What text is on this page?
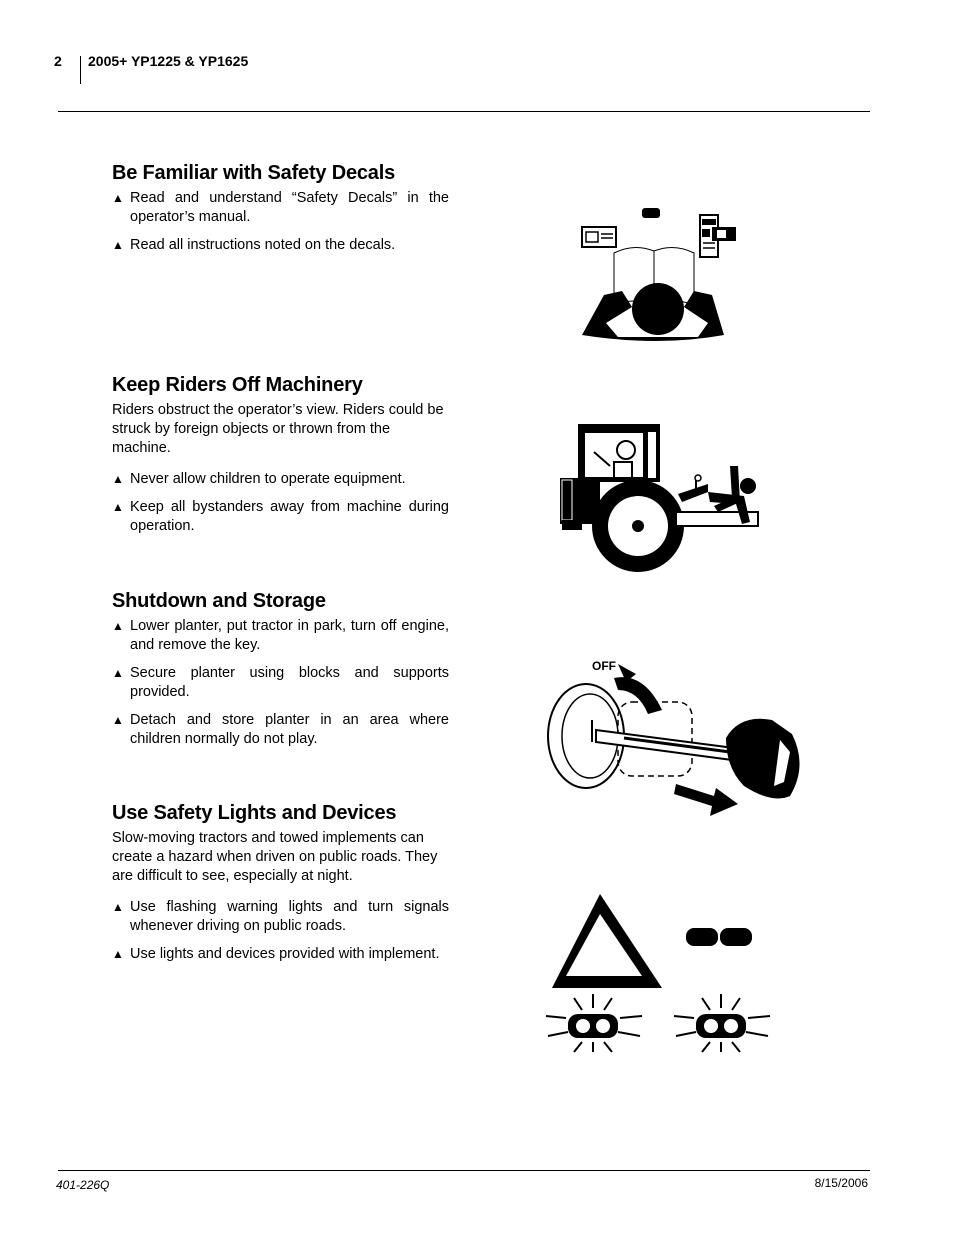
2 2005+ YP1225 & YP1625
Be Familiar with Safety Decals
▲ Read and understand “Safety Decals” in the operator’s manual.
▲ Read all instructions noted on the decals.
Keep Riders Off Machinery

Riders obstruct the operator’s view. Riders could be struck by foreign objects or thrown from the machine.

▲ Never allow children to operate equipment.
▲ Keep all bystanders away from machine during operation.
Shutdown and Storage
▲ Lower planter, put tractor in park, turn off engine, and remove the key.
▲ Secure planter using blocks and supports provided.
▲ Detach and store planter in an area where children normally do not play.
Use Safety Lights and Devices

Slow-moving tractors and towed implements can create a hazard when driven on public roads. They are difficult to see, especially at night.

▲ Use flashing warning lights and turn signals whenever driving on public roads.
▲ Use lights and devices provided with implement.
OFF
401-226Q	8/15/2006
